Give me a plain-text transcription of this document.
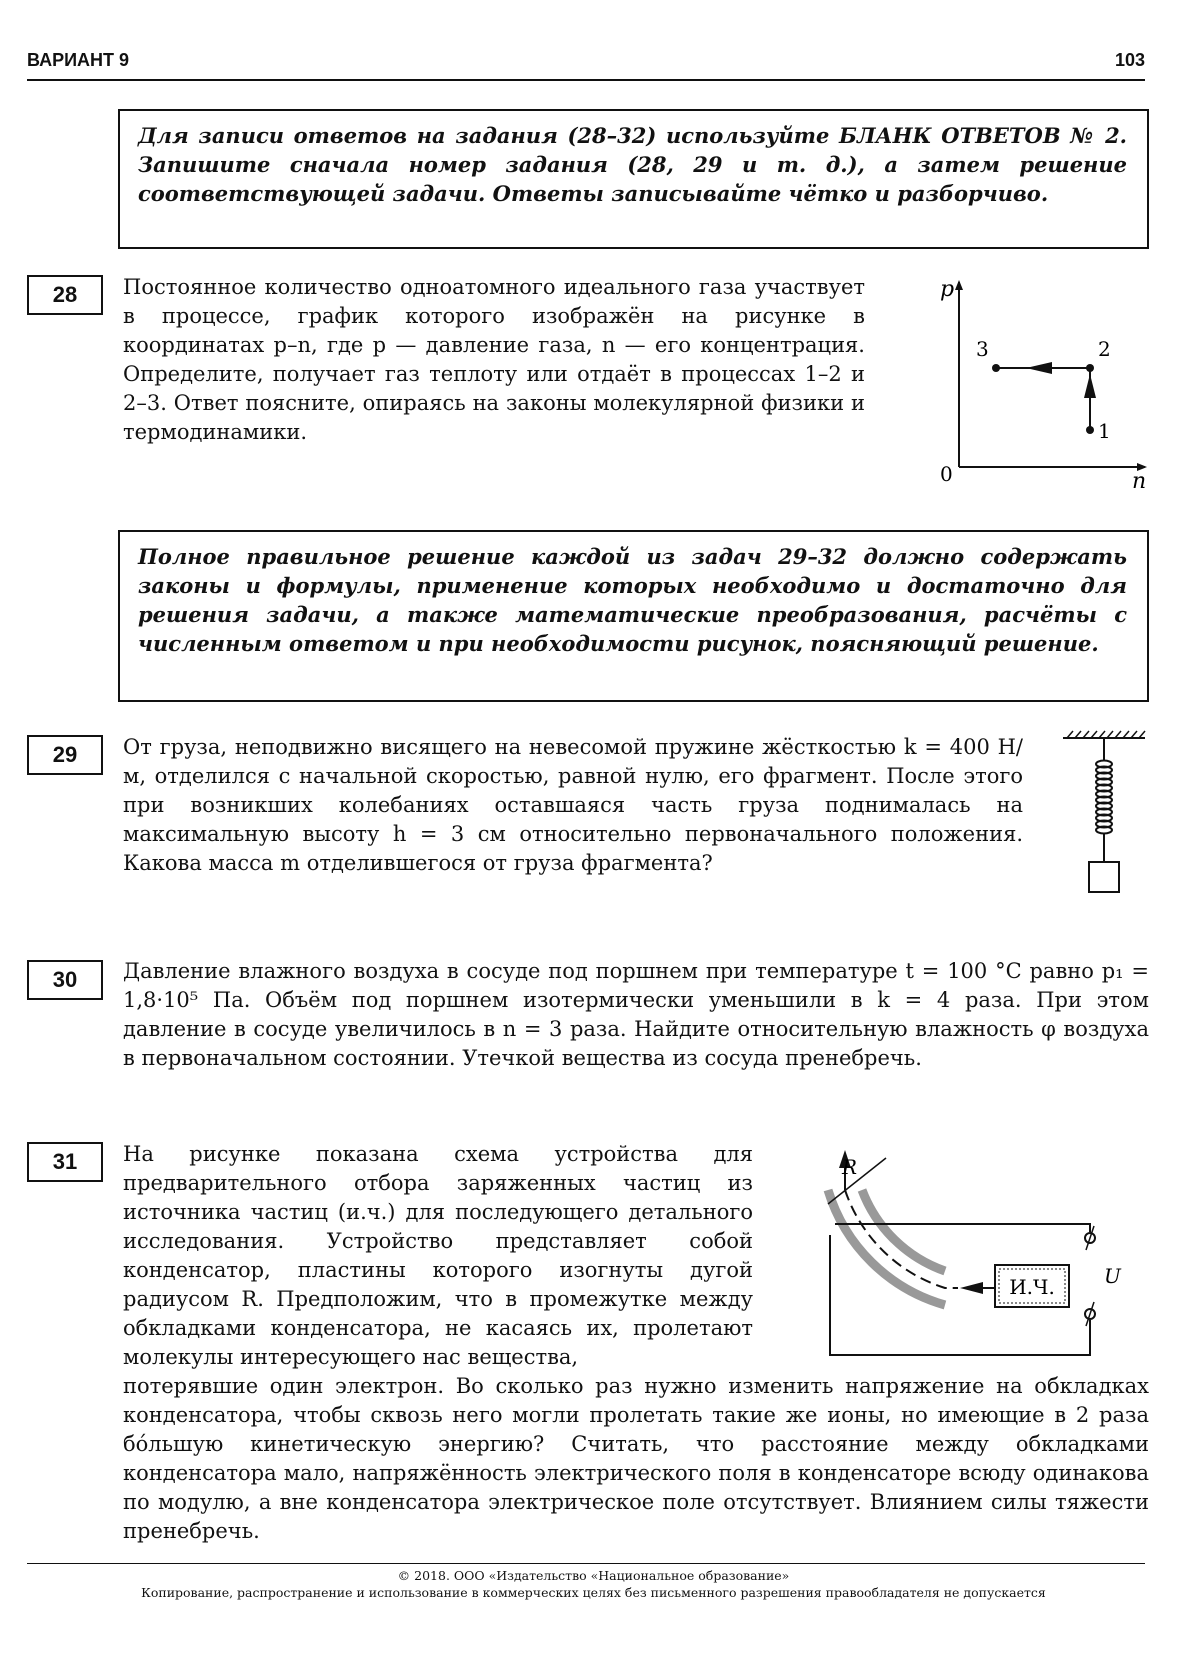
ВАРИАНТ 9	103
Для записи ответов на задания (28–32) используйте БЛАНК ОТВЕТОВ № 2. Запишите сначала номер задания (28, 29 и т. д.), а затем решение соответствующей задачи. Ответы записывайте чётко и разборчиво.
28	Постоянное количество одноатомного идеального газа участвует в процессе, график которого изображён на рисунке в координатах p–n, где p — давление газа, n — его концентрация. Определите, получает газ теплоту или отдаёт в процессах 1–2 и 2–3. Ответ поясните, опираясь на законы молекулярной физики и термодинамики.
p
n
0
1
2
3
Полное правильное решение каждой из задач 29–32 должно содержать законы и формулы, применение которых необходимо и достаточно для решения задачи, а также математические преобразования, расчёты с численным ответом и при необходимости рисунок, поясняющий решение.
29	От груза, неподвижно висящего на невесомой пружине жёсткостью k = 400 Н/м, отделился с начальной скоростью, равной нулю, его фрагмент. После этого при возникших колебаниях оставшаяся часть груза поднималась на максимальную высоту h = 3 см относительно первоначального положения. Какова масса m отделившегося от груза фрагмента?
30	Давление влажного воздуха в сосуде под поршнем при температуре t = 100 °C равно p₁ = 1,8·10⁵ Па. Объём под поршнем изотермически уменьшили в k = 4 раза. При этом давление в сосуде увеличилось в n = 3 раза. Найдите относительную влажность φ воздуха в первоначальном состоянии. Утечкой вещества из сосуда пренебречь.
31	На рисунке показана схема устройства для предварительного отбора заряженных частиц из источника частиц (и.ч.) для последующего детального исследования. Устройство представляет собой конденсатор, пластины которого изогнуты дугой радиусом R. Предположим, что в промежутке между обкладками конденсатора, не касаясь их, пролетают молекулы интересующего нас вещества,
потерявшие один электрон. Во сколько раз нужно изменить напряжение на обкладках конденсатора, чтобы сквозь него могли пролетать такие же ионы, но имеющие в 2 раза бóльшую кинетическую энергию? Считать, что расстояние между обкладками конденсатора мало, напряжённость электрического поля в конденсаторе всюду одинакова по модулю, а вне конденсатора электрическое поле отсутствует. Влиянием силы тяжести пренебречь.
И.Ч.
R
U
© 2018. ООО «Издательство «Национальное образование»
Копирование, распространение и использование в коммерческих целях без письменного разрешения правообладателя не допускается
